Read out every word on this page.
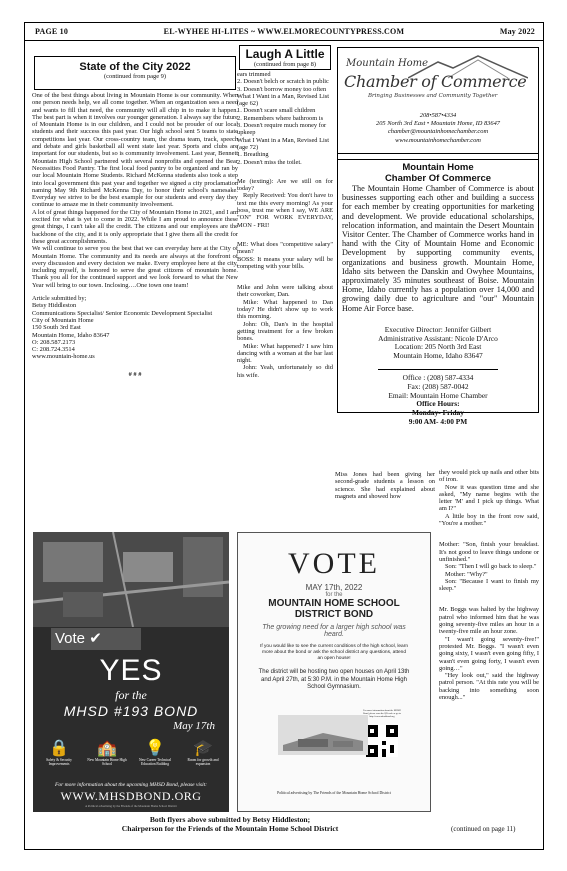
PAGE 10	EL-WYHEE HI-LITES ~ WWW.ELMORECOUNTYPRESS.COM	May 2022
State of the City 2022
(continued from page 9)

One of the best things about living in Mountain Home is our community. When one person needs help, we all come together. When an organization sees a need and wants to fill that need, the community will all chip in to make it happen. The best part is when it involves our younger generation. I always say the future of Mountain Home is in our children, and I could not be prouder of our local students and their success this past year. Our high school sent 5 teams to state competitions last year. Our cross-country team, the drama team, track, speech and debate and girls basketball all went state last year. Sports and clubs are important for our students, but so is community involvement. Last year, Bennett Mountain High School partnered with several nonprofits and opened the Bear Necessities Food Pantry. The first local food pantry to be organized and ran by our local Mountain Home Students. Richard McKenna students also took a step into local government this past year and together we signed a city proclamation naming May 9th Richard McKenna Day, to honor their school's namesake. Everyday we strive to be the best example for our students and every day they continue to amaze me in their community involvement.

A lot of great things happened for the City of Mountain Home in 2021, and I am excited for what is yet to come in 2022. While I am proud to announce these great things, I can't take all the credit. The citizens and our employees are the backbone of the city, and it is only appropriate that I give them all the credit for these great accomplishments.

We will continue to serve you the best that we can everyday here at the City of Mountain Home. The community and its needs are always at the forefront of every discussion and every decision we make. Every employee here at the city, including myself, is honored to serve the great citizens of mountain home. Thank you all for the continued support and we look forward to what the New Year will bring to our town. Inclosing….One town one team!

Article submitted by;
Betsy Hiddleston
Communications Specialist/ Senior Economic Development Specialist
City of Mountain Home
150 South 3rd East
Mountain Home, Idaho 83647
O: 208.587.2173
C: 208.724.3514
www.mountain-home.us
# # #
Laugh A Little
(continued from page 8)
ears trimmed
2. Doesn't belch or scratch in public
3. Doesn't borrow money too often
What I Want in a Man, Revised List (age 62)
1. Doesn't scare small children
2. Remembers where bathroom is
3. Doesn't require much money for upkeep
What I Want in a Man, Revised List (age 72)
1. Breathing
2. Doesn't miss the toilet.

Me (texting): Are we still on for today?

Reply Received: You don't have to text me this every morning! As your boss, trust me when I say, WE ARE "ON" FOR WORK EVERYDAY, MON - FRI!

ME: What does "competitive salary" mean?

BOSS: It means your salary will be competing with your bills.

Mike and John were talking about their coworker, Dan.

Mike: What happened to Dan today? He didn't show up to work this morning.

John: Oh, Dan's in the hospital getting treatment for a few broken bones.

Mike: What happened? I saw him dancing with a woman at the bar last night.

John: Yeah, unfortunately so did his wife.

Mountain Home
Chamber of Commerce
Bringing Businesses and Community Together
208•587•4334
205 North 3rd East • Mountain Home, ID 83647
chamber@mountainhomechamber.com
www.mountainhomechamber.com
Mountain Home
Chamber Of Commerce

The Mountain Home Chamber of Commerce is about businesses supporting each other and building a success for each member by creating opportunities for marketing and development. We provide educational scholarships, relocation information, and maintain the Desert Mountain Visitor Center. The Chamber of Commerce works hand in hand with the City of Mountain Home and Economic Development by supporting community events, organizations and business growth. Mountain Home, Idaho sits between the Danskin and Owyhee Mountains, approximately 35 minutes southeast of Boise. Mountain Home, Idaho currently has a population over 14,000 and growing daily due to agriculture and "our" Mountain Home Air Force base.

Executive Director: Jennifer Gilbert
Administrative Assistant: Nicole D'Arco
Location: 205 North 3rd East
Mountain Home, Idaho 83647
Office : (208) 587-4334
Fax: (208) 587-0042
Email: Mountain Home Chamber
Office Hours:
Monday- Friday
9:00 AM- 4:00 PM

Miss Jones had been giving her second-grade students a lesson on science. She had explained about magnets and showed how

they would pick up nails and other bits of iron.

Now it was question time and she asked, "My name begins with the letter 'M' and I pick up things. What am I?"

A little boy in the front row said, "You're a mother."

Mother: "Son, finish your breakfast. It's not good to leave things undone or unfinished."

Son: "Then I will go back to sleep."

Mother: "Why?"

Son: "Because I want to finish my sleep."

Mr. Boggs was halted by the highway patrol who informed him that he was going seventy-five miles an hour in a twenty-five mile an hour zone.

"I wasn't going seventy-five!" protested Mr. Boggs. "I wasn't even going sixty, I wasn't even going fifty, I wasn't even going forty, I wasn't even going…"

"Hey look out," said the highway patrol person. "At this rate you will be backing into something soon enough..."

Vote ✔
YES
for the
MHSD #193 BOND
May 17th
🔒
Safety & Security Improvements
🏫
New Mountain Home High School
💡
New Career Technical Education Building
🎓
Room for growth and expansion
For more information about the upcoming MHSD Bond, please visit:
WWW.MHSDBOND.ORG
A Political advertising by the Friends of the Mountain Home School District
VOTE
MAY 17th, 2022
for the
MOUNTAIN HOME SCHOOL DISTRICT BOND
The growing need for a larger high school was heard.
If you would like to see the current conditions of the high school, learn more about the bond or ask the school district any questions, attend an open house!
The district will be hosting two open houses on April 13th and April 27th, at 5:30 P.M. in the Mountain Home High School Gymnasium.
For more information about the MHSD Bond, please scan the QR code or go to http://www.mhsdbond.org
Political advertising by The Friends of the Mountain Home School District
Both flyers above submitted by Betsy Hiddleston;
Chairperson for the Friends of the Mountain Home School District	(continued on page 11)
